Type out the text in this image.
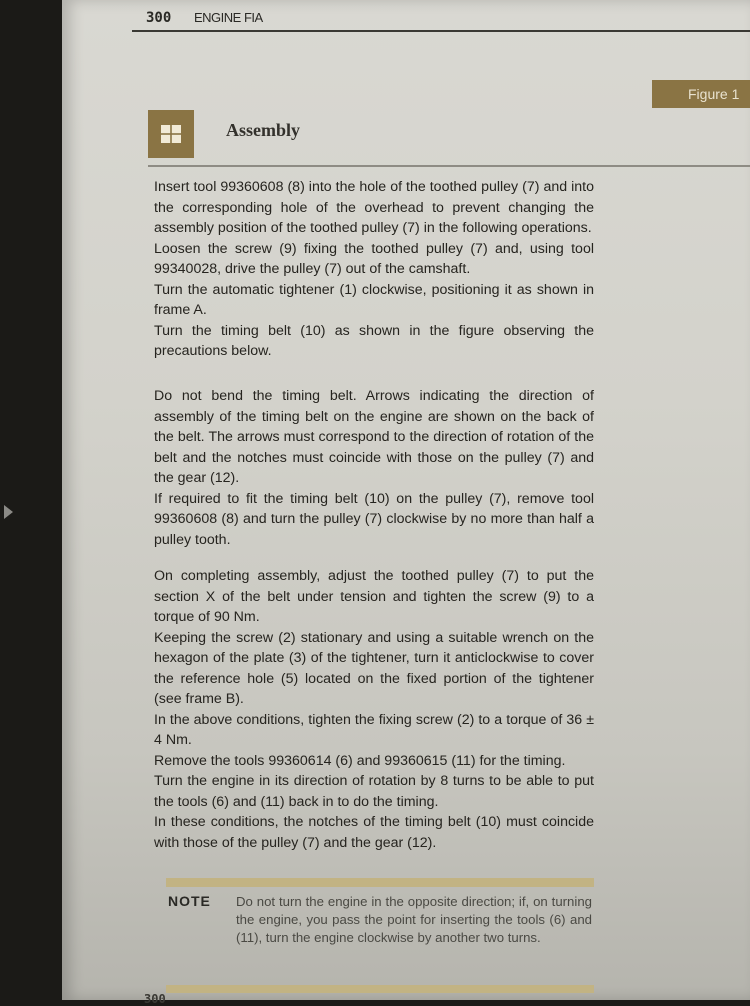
300 ENGINE FIA
Figure 1
Assembly

Insert tool 99360608 (8) into the hole of the toothed pulley (7) and into the corresponding hole of the overhead to prevent changing the assembly position of the toothed pulley (7) in the following operations.

Loosen the screw (9) fixing the toothed pulley (7) and, using tool 99340028, drive the pulley (7) out of the camshaft.

Turn the automatic tightener (1) clockwise, positioning it as shown in frame A.

Turn the timing belt (10) as shown in the figure observing the precautions below.

Do not bend the timing belt. Arrows indicating the direction of assembly of the timing belt on the engine are shown on the back of the belt. The arrows must correspond to the direction of rotation of the belt and the notches must coincide with those on the pulley (7) and the gear (12).

If required to fit the timing belt (10) on the pulley (7), remove tool 99360608 (8) and turn the pulley (7) clockwise by no more than half a pulley tooth.

On completing assembly, adjust the toothed pulley (7) to put the section X of the belt under tension and tighten the screw (9) to a torque of 90 Nm.

Keeping the screw (2) stationary and using a suitable wrench on the hexagon of the plate (3) of the tightener, turn it anticlockwise to cover the reference hole (5) located on the fixed portion of the tightener (see frame B).

In the above conditions, tighten the fixing screw (2) to a torque of 36 ± 4 Nm.

Remove the tools 99360614 (6) and 99360615 (11) for the timing.

Turn the engine in its direction of rotation by 8 turns to be able to put the tools (6) and (11) back in to do the timing.

In these conditions, the notches of the timing belt (10) must coincide with those of the pulley (7) and the gear (12).

NOTE Do not turn the engine in the opposite direction; if, on turning the engine, you pass the point for inserting the tools (6) and (11), turn the engine clockwise by another two turns.
300
